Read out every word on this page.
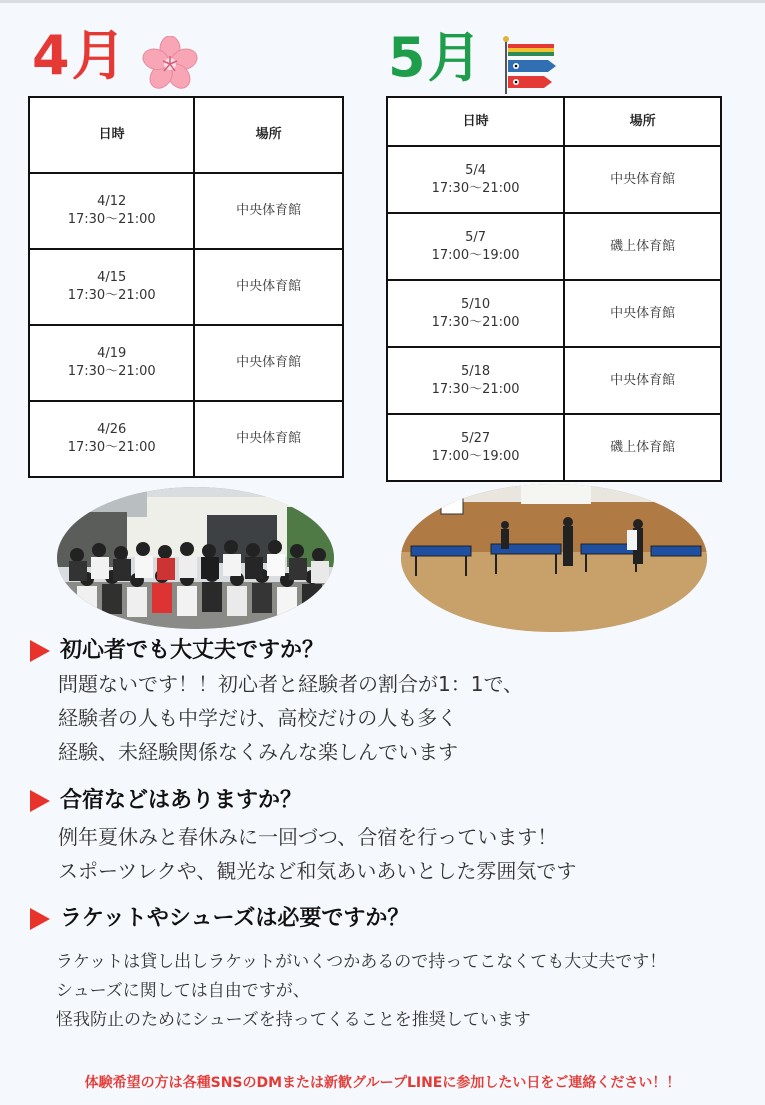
4月	5月
日時	場所
4/12
17:30〜21:00	中央体育館
4/15
17:30〜21:00	中央体育館
4/19
17:30〜21:00	中央体育館
4/26
17:30〜21:00	中央体育館
日時	場所
5/4
17:30〜21:00	中央体育館
5/7
17:00〜19:00	磯上体育館
5/10
17:30〜21:00	中央体育館
5/18
17:30〜21:00	中央体育館
5/27
17:00〜19:00	磯上体育館
初心者でも大丈夫ですか？
問題ないです！！初心者と経験者の割合が1：1で、
経験者の人も中学だけ、高校だけの人も多く
経験、未経験関係なくみんな楽しんでいます
合宿などはありますか？
例年夏休みと春休みに一回づつ、合宿を行っています！
スポーツレクや、観光など和気あいあいとした雰囲気です
ラケットやシューズは必要ですか？
ラケットは貸し出しラケットがいくつかあるので持ってこなくても大丈夫です！
シューズに関しては自由ですが、
怪我防止のためにシューズを持ってくることを推奨しています
体験希望の方は各種SNSのDMまたは新歓グループLINEに参加したい日をご連絡ください！！
